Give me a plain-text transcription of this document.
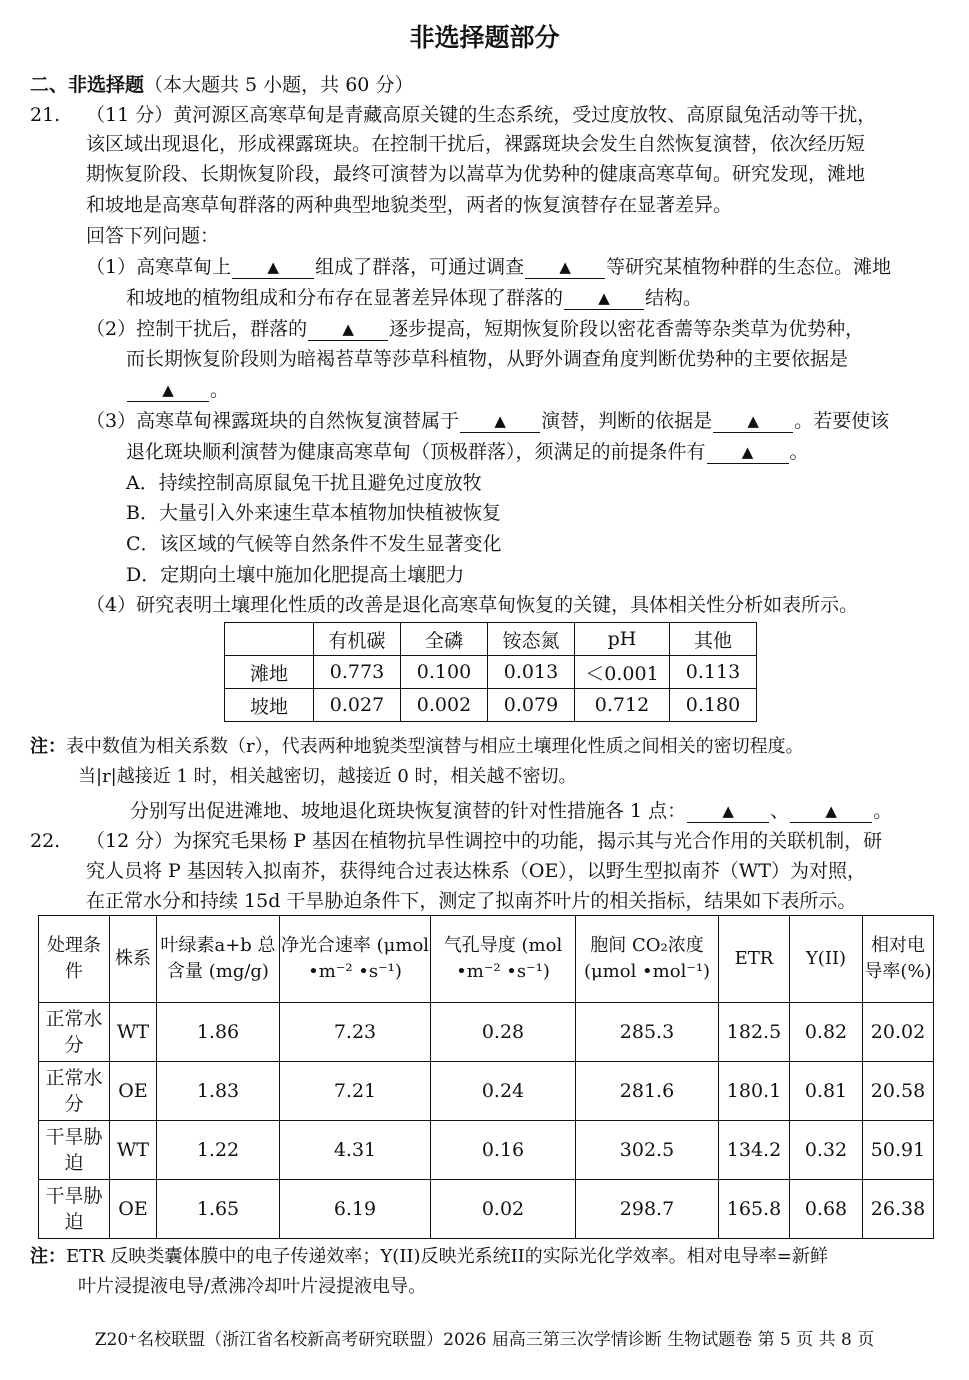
非选择题部分
二、非选择题（本大题共 5 小题，共 60 分）
21. （11 分）黄河源区高寒草甸是青藏高原关键的生态系统，受过度放牧、高原鼠兔活动等干扰，
该区域出现退化，形成裸露斑块。在控制干扰后，裸露斑块会发生自然恢复演替，依次经历短
期恢复阶段、长期恢复阶段，最终可演替为以嵩草为优势种的健康高寒草甸。研究发现，滩地
和坡地是高寒草甸群落的两种典型地貌类型，两者的恢复演替存在显著差异。
回答下列问题：
（1）高寒草甸上 ▲ 组成了群落，可通过调查 ▲ 等研究某植物种群的生态位。滩地
和坡地的植物组成和分布存在显著差异体现了群落的 ▲ 结构。
（2）控制干扰后，群落的 ▲ 逐步提高，短期恢复阶段以密花香薷等杂类草为优势种，
而长期恢复阶段则为暗褐苔草等莎草科植物，从野外调查角度判断优势种的主要依据是
▲ 。
（3）高寒草甸裸露斑块的自然恢复演替属于 ▲ 演替，判断的依据是 ▲ 。若要使该
退化斑块顺利演替为健康高寒草甸（顶极群落），须满足的前提条件有 ▲ 。
A．持续控制高原鼠兔干扰且避免过度放牧
B．大量引入外来速生草本植物加快植被恢复
C．该区域的气候等自然条件不发生显著变化
D．定期向土壤中施加化肥提高土壤肥力
（4）研究表明土壤理化性质的改善是退化高寒草甸恢复的关键，具体相关性分析如表所示。
	有机碳	全磷	铵态氮	pH	其他
滩地	0.773	0.100	0.013	＜0.001	0.113
坡地	0.027	0.002	0.079	0.712	0.180
注：表中数值为相关系数（r），代表两种地貌类型演替与相应土壤理化性质之间相关的密切程度。
当|r|越接近 1 时，相关越密切，越接近 0 时，相关越不密切。
分别写出促进滩地、坡地退化斑块恢复演替的针对性措施各 1 点： ▲ 、 ▲ 。
22. （12 分）为探究毛果杨 P 基因在植物抗旱性调控中的功能，揭示其与光合作用的关联机制，研
究人员将 P 基因转入拟南芥，获得纯合过表达株系（OE），以野生型拟南芥（WT）为对照，
在正常水分和持续 15d 干旱胁迫条件下，测定了拟南芥叶片的相关指标，结果如下表所示。
处理条件	株系	叶绿素a+b 总含量 (mg/g)	净光合速率 (μmol •m⁻² •s⁻¹)	气孔导度 (mol •m⁻² •s⁻¹)	胞间 CO₂浓度 (μmol •mol⁻¹)	ETR	Y(II)	相对电导率(%)
正常水分	WT	1.86	7.23	0.28	285.3	182.5	0.82	20.02
正常水分	OE	1.83	7.21	0.24	281.6	180.1	0.81	20.58
干旱胁迫	WT	1.22	4.31	0.16	302.5	134.2	0.32	50.91
干旱胁迫	OE	1.65	6.19	0.02	298.7	165.8	0.68	26.38
注：ETR 反映类囊体膜中的电子传递效率；Y(II)反映光系统II的实际光化学效率。相对电导率=新鲜
叶片浸提液电导/煮沸冷却叶片浸提液电导。
Z20⁺名校联盟（浙江省名校新高考研究联盟）2026 届高三第三次学情诊断 生物试题卷 第 5 页 共 8 页
